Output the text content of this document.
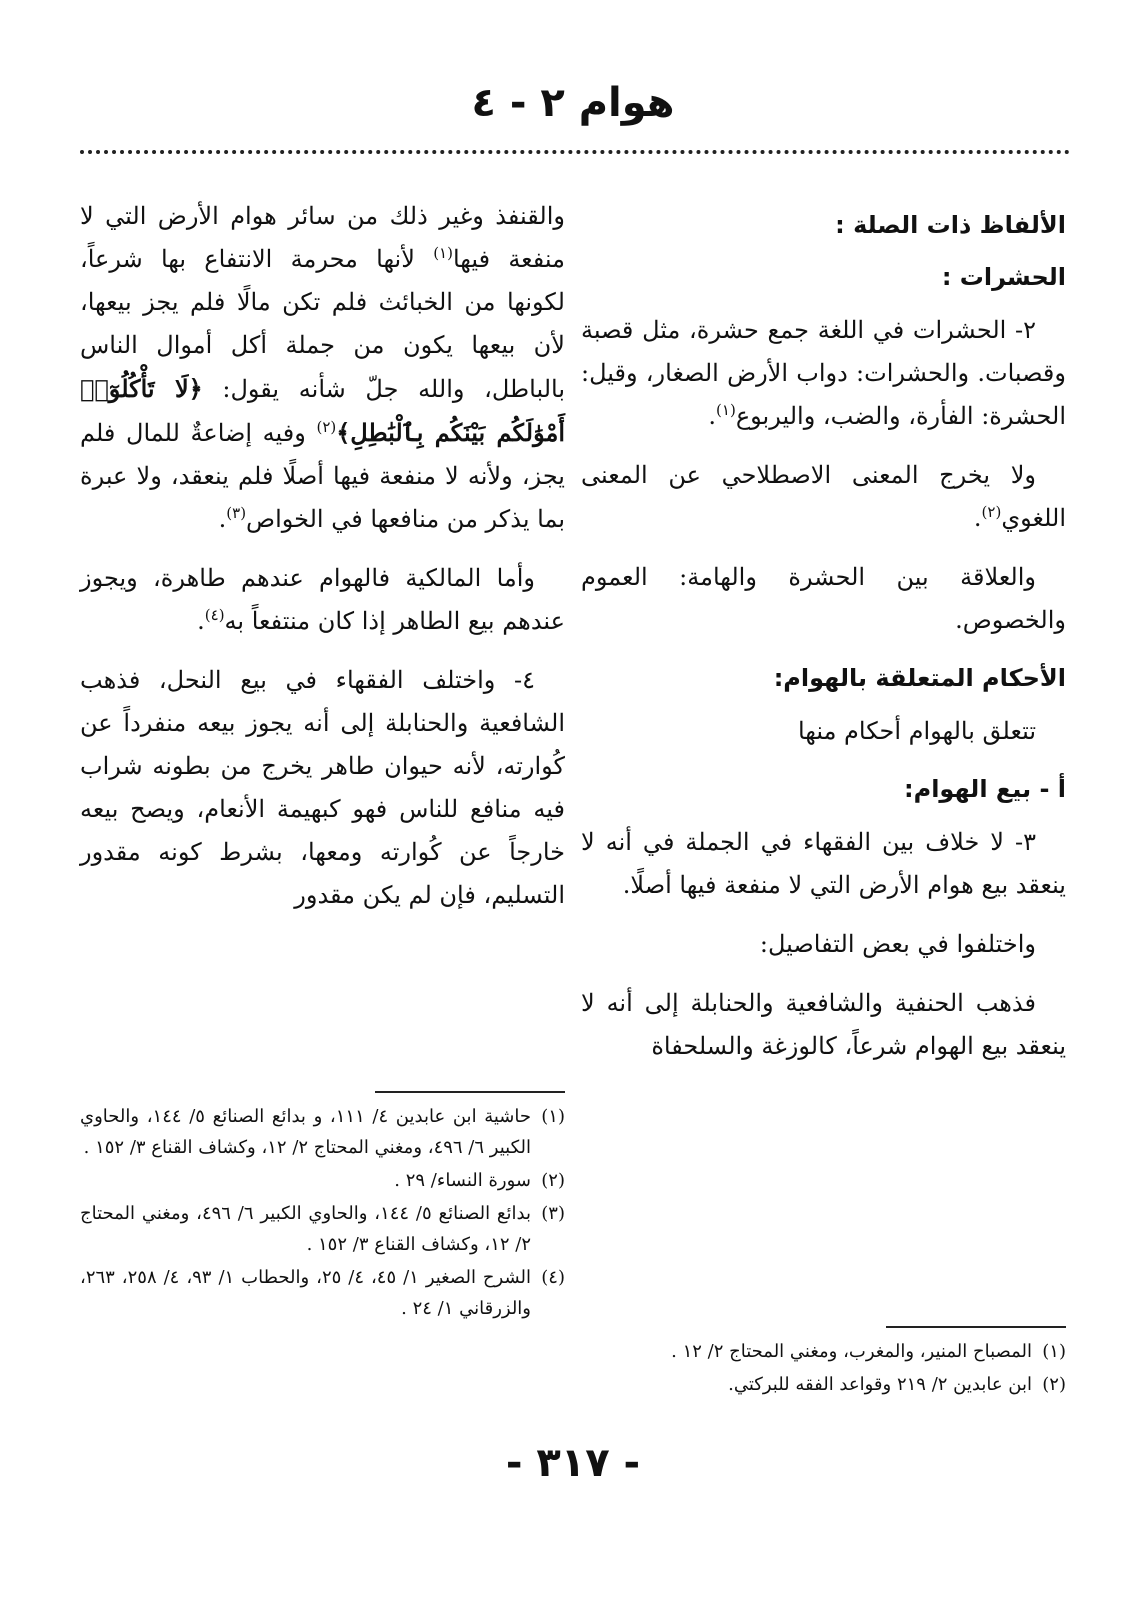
هوام ٢ - ٤
الألفاظ ذات الصلة :
الحشرات :

٢- الحشرات في اللغة جمع حشرة، مثل قصبة وقصبات. والحشرات: دواب الأرض الصغار، وقيل: الحشرة: الفأرة، والضب، واليربوع$^{(١)}$.

ولا يخرج المعنى الاصطلاحي عن المعنى اللغوي$^{(٢)}$.

والعلاقة بين الحشرة والهامة: العموم والخصوص.

الأحكام المتعلقة بالهوام:

تتعلق بالهوام أحكام منها

أ - بيع الهوام:

٣- لا خلاف بين الفقهاء في الجملة في أنه لا ينعقد بيع هوام الأرض التي لا منفعة فيها أصلًا.

واختلفوا في بعض التفاصيل:

فذهب الحنفية والشافعية والحنابلة إلى أنه لا ينعقد بيع الهوام شرعاً، كالوزغة والسلحفاة

(١)
المصباح المنير، والمغرب، ومغني المحتاج ٢/ ١٢ .
(٢)
ابن عابدين ٢/ ٢١٩ وقواعد الفقه للبركتي.

والقنفذ وغير ذلك من سائر هوام الأرض التي لا منفعة فيها$^{(١)}$ لأنها محرمة الانتفاع بها شرعاً، لكونها من الخبائث فلم تكن مالًا فلم يجز بيعها، لأن بيعها يكون من جملة أكل أموال الناس بالباطل، والله جلّ شأنه يقول: ﴿لَا تَأْكُلُوٓا۟ أَمْوَٰلَكُم بَيْنَكُم بِٱلْبَٰطِلِ﴾$^{(٢)}$ وفيه إضاعةٌ للمال فلم يجز، ولأنه لا منفعة فيها أصلًا فلم ينعقد، ولا عبرة بما يذكر من منافعها في الخواص$^{(٣)}$.

وأما المالكية فالهوام عندهم طاهرة، ويجوز عندهم بيع الطاهر إذا كان منتفعاً به$^{(٤)}$.

٤- واختلف الفقهاء في بيع النحل، فذهب الشافعية والحنابلة إلى أنه يجوز بيعه منفرداً عن كُوارته، لأنه حيوان طاهر يخرج من بطونه شراب فيه منافع للناس فهو كبهيمة الأنعام، ويصح بيعه خارجاً عن كُوارته ومعها، بشرط كونه مقدور التسليم، فإن لم يكن مقدور

(١)
حاشية ابن عابدين ٤/ ١١١، و بدائع الصنائع ٥/ ١٤٤، والحاوي الكبير ٦/ ٤٩٦، ومغني المحتاج ٢/ ١٢، وكشاف القناع ٣/ ١٥٢ .
(٢)
سورة النساء/ ٢٩ .
(٣)
بدائع الصنائع ٥/ ١٤٤، والحاوي الكبير ٦/ ٤٩٦، ومغني المحتاج ٢/ ١٢، وكشاف القناع ٣/ ١٥٢ .
(٤)
الشرح الصغير ١/ ٤٥، ٤/ ٢٥، والحطاب ١/ ٩٣، ٤/ ٢٥٨، ٢٦٣، والزرقاني ١/ ٢٤ .
- ٣١٧ -
